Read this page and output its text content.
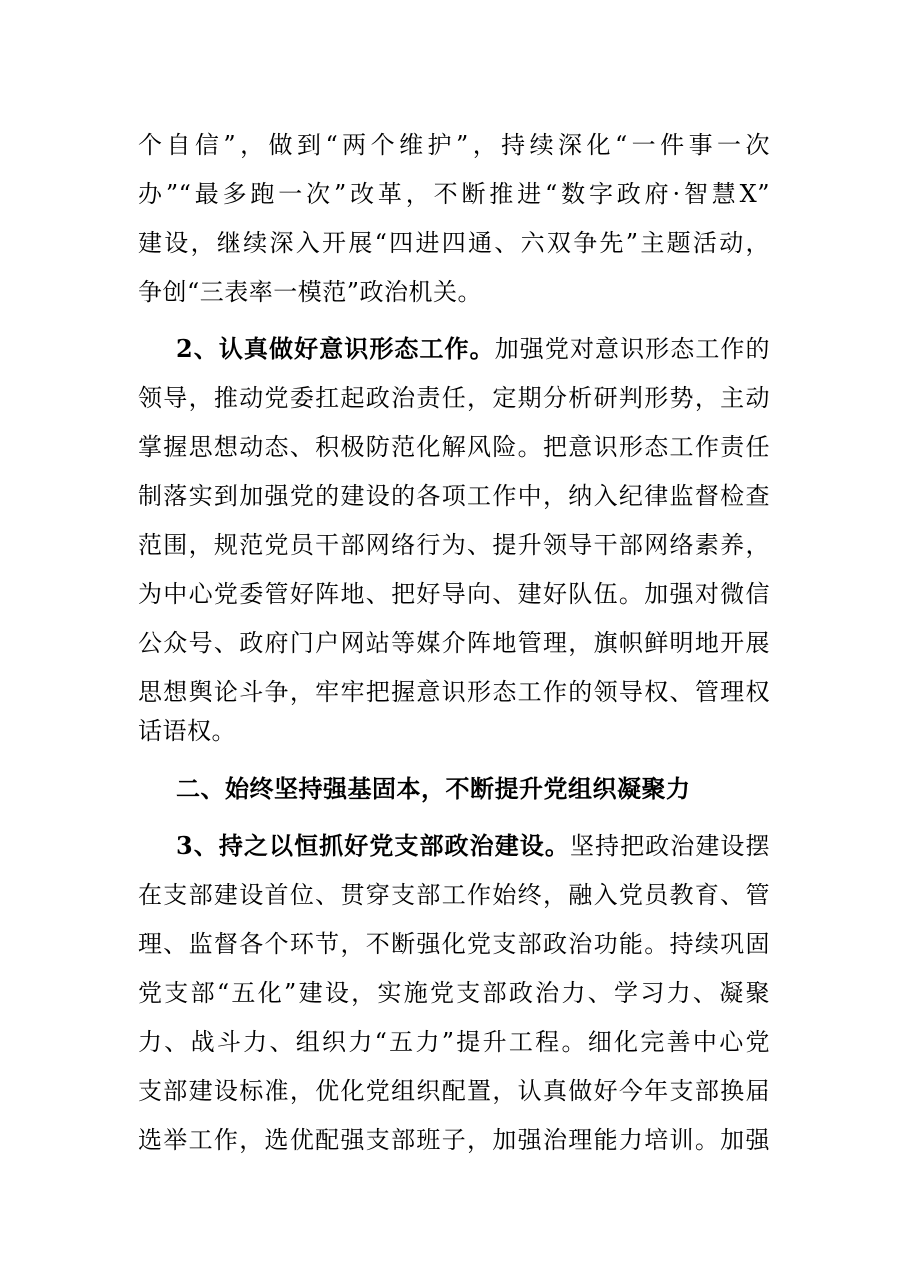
个自信”，做到“两个维护”，持续深化“一件事一次
办”“最多跑一次”改革，不断推进“数字政府·智慧X”
建设，继续深入开展“四进四通、六双争先”主题活动，
争创“三表率一模范”政治机关。
2、认真做好意识形态工作。加强党对意识形态工作的
领导，推动党委扛起政治责任，定期分析研判形势，主动
掌握思想动态、积极防范化解风险。把意识形态工作责任
制落实到加强党的建设的各项工作中，纳入纪律监督检查
范围，规范党员干部网络行为、提升领导干部网络素养，
为中心党委管好阵地、把好导向、建好队伍。加强对微信
公众号、政府门户网站等媒介阵地管理，旗帜鲜明地开展
思想舆论斗争，牢牢把握意识形态工作的领导权、管理权
话语权。
二、始终坚持强基固本，不断提升党组织凝聚力
3、持之以恒抓好党支部政治建设。坚持把政治建设摆
在支部建设首位、贯穿支部工作始终，融入党员教育、管
理、监督各个环节，不断强化党支部政治功能。持续巩固
党支部“五化”建设，实施党支部政治力、学习力、凝聚
力、战斗力、组织力“五力”提升工程。细化完善中心党
支部建设标准，优化党组织配置，认真做好今年支部换届
选举工作，选优配强支部班子，加强治理能力培训。加强
